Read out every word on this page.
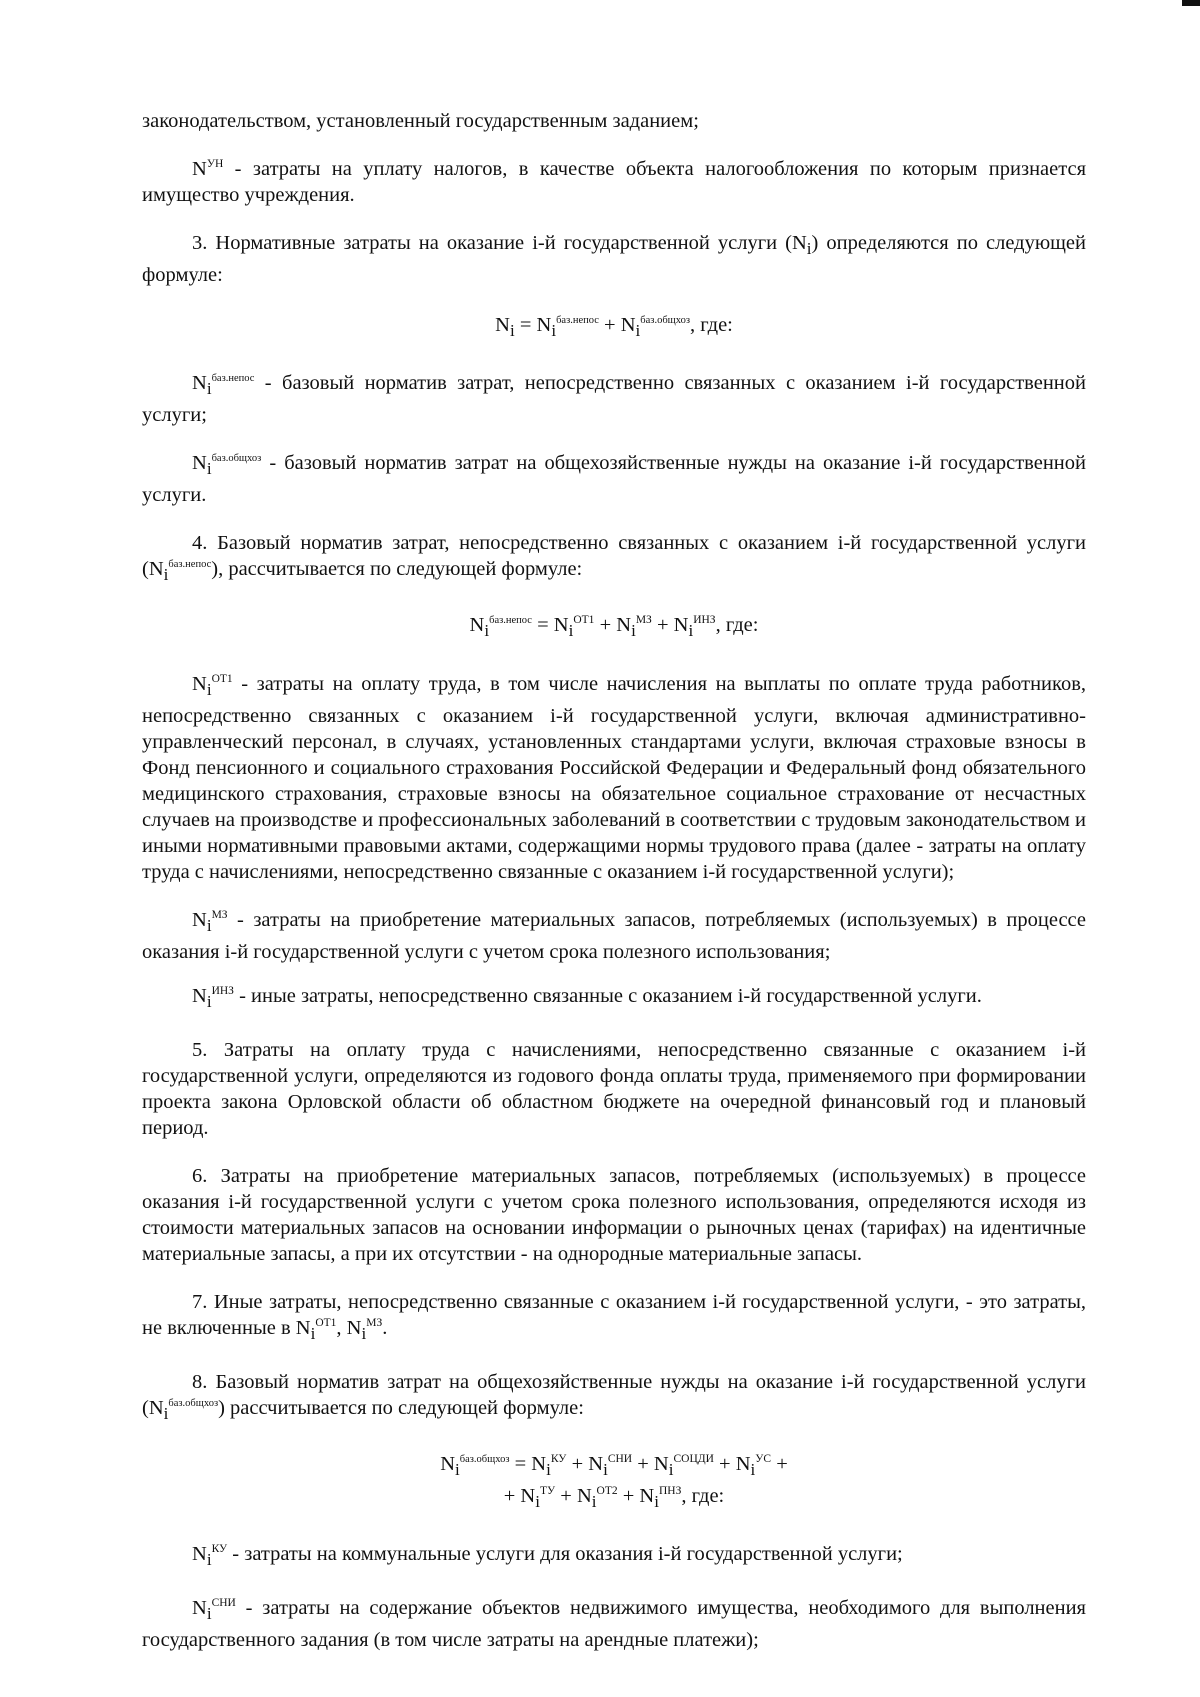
законодательством, установленный государственным заданием;

$N^{УН}$ - затраты на уплату налогов, в качестве объекта налогообложения по которым признается имущество учреждения.

3. Нормативные затраты на оказание i-й государственной услуги $(N_i)$ определяются по следующей формуле:

$N_i = N_i^{баз.непос} + N_i^{баз.общхоз}$, где:

$N_i^{баз.непос}$ - базовый норматив затрат, непосредственно связанных с оказанием i-й государственной услуги;

$N_i^{баз.общхоз}$ - базовый норматив затрат на общехозяйственные нужды на оказание i-й государственной услуги.

4. Базовый норматив затрат, непосредственно связанных с оказанием i-й государственной услуги $(N_i^{баз.непос})$, рассчитывается по следующей формуле:

$N_i^{баз.непос} = N_i^{ОТ1} + N_i^{МЗ} + N_i^{ИНЗ}$, где:

$N_i^{ОТ1}$ - затраты на оплату труда, в том числе начисления на выплаты по оплате труда работников, непосредственно связанных с оказанием i-й государственной услуги, включая административно-управленческий персонал, в случаях, установленных стандартами услуги, включая страховые взносы в Фонд пенсионного и социального страхования Российской Федерации и Федеральный фонд обязательного медицинского страхования, страховые взносы на обязательное социальное страхование от несчастных случаев на производстве и профессиональных заболеваний в соответствии с трудовым законодательством и иными нормативными правовыми актами, содержащими нормы трудового права (далее - затраты на оплату труда с начислениями, непосредственно связанные с оказанием i-й государственной услуги);

$N_i^{МЗ}$ - затраты на приобретение материальных запасов, потребляемых (используемых) в процессе оказания i-й государственной услуги с учетом срока полезного использования;

$N_i^{ИНЗ}$ - иные затраты, непосредственно связанные с оказанием i-й государственной услуги.

5. Затраты на оплату труда с начислениями, непосредственно связанные с оказанием i-й государственной услуги, определяются из годового фонда оплаты труда, применяемого при формировании проекта закона Орловской области об областном бюджете на очередной финансовый год и плановый период.

6. Затраты на приобретение материальных запасов, потребляемых (используемых) в процессе оказания i-й государственной услуги с учетом срока полезного использования, определяются исходя из стоимости материальных запасов на основании информации о рыночных ценах (тарифах) на идентичные материальные запасы, а при их отсутствии - на однородные материальные запасы.

7. Иные затраты, непосредственно связанные с оказанием i-й государственной услуги, - это затраты, не включенные в $N_i^{ОТ1}$, $N_i^{МЗ}$.

8. Базовый норматив затрат на общехозяйственные нужды на оказание i-й государственной услуги $(N_i^{баз.общхоз})$ рассчитывается по следующей формуле:

$N_i^{баз.общхоз} = N_i^{КУ} + N_i^{СНИ} + N_i^{СОЦДИ} + N_i^{УС}$ +
+ $N_i^{ТУ} + N_i^{ОТ2} + N_i^{ПНЗ}$, где:

$N_i^{КУ}$ - затраты на коммунальные услуги для оказания i-й государственной услуги;

$N_i^{СНИ}$ - затраты на содержание объектов недвижимого имущества, необходимого для выполнения государственного задания (в том числе затраты на арендные платежи);
